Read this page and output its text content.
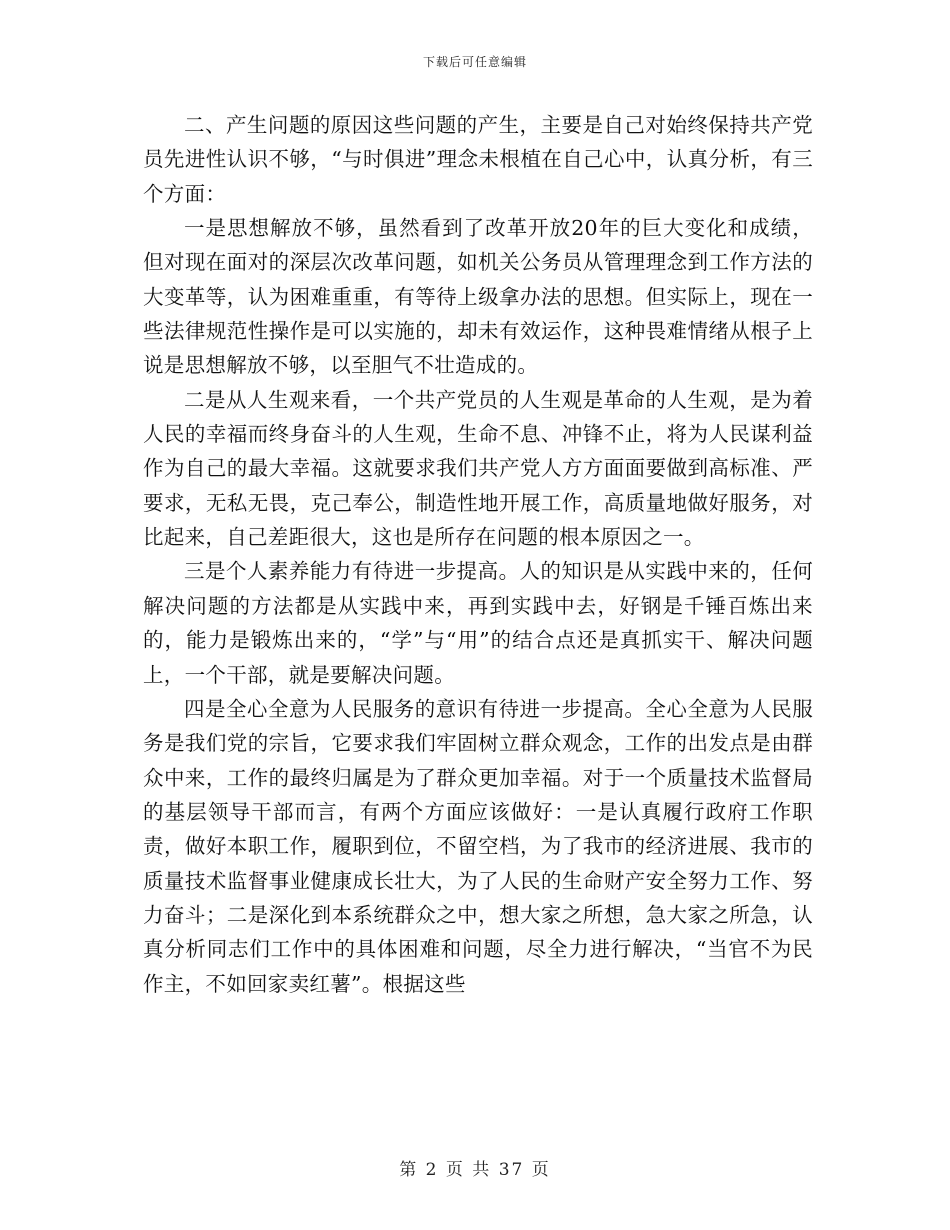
下载后可任意编辑

二、产生问题的原因这些问题的产生，主要是自己对始终保持共产党员先进性认识不够，“与时俱进”理念未根植在自己心中，认真分析，有三个方面：

一是思想解放不够，虽然看到了改革开放20年的巨大变化和成绩，但对现在面对的深层次改革问题，如机关公务员从管理理念到工作方法的大变革等，认为困难重重，有等待上级拿办法的思想。但实际上，现在一些法律规范性操作是可以实施的，却未有效运作，这种畏难情绪从根子上说是思想解放不够，以至胆气不壮造成的。

二是从人生观来看，一个共产党员的人生观是革命的人生观，是为着人民的幸福而终身奋斗的人生观，生命不息、冲锋不止，将为人民谋利益作为自己的最大幸福。这就要求我们共产党人方方面面要做到高标准、严要求，无私无畏，克己奉公，制造性地开展工作，高质量地做好服务，对比起来，自己差距很大，这也是所存在问题的根本原因之一。

三是个人素养能力有待进一步提高。人的知识是从实践中来的，任何解决问题的方法都是从实践中来，再到实践中去，好钢是千锤百炼出来的，能力是锻炼出来的，“学”与“用”的结合点还是真抓实干、解决问题上，一个干部，就是要解决问题。

四是全心全意为人民服务的意识有待进一步提高。全心全意为人民服务是我们党的宗旨，它要求我们牢固树立群众观念，工作的出发点是由群众中来，工作的最终归属是为了群众更加幸福。对于一个质量技术监督局的基层领导干部而言，有两个方面应该做好：一是认真履行政府工作职责，做好本职工作，履职到位，不留空档，为了我市的经济进展、我市的质量技术监督事业健康成长壮大，为了人民的生命财产安全努力工作、努力奋斗；二是深化到本系统群众之中，想大家之所想，急大家之所急，认真分析同志们工作中的具体困难和问题，尽全力进行解决，“当官不为民作主，不如回家卖红薯”。根据这些

第 2 页 共 37 页
